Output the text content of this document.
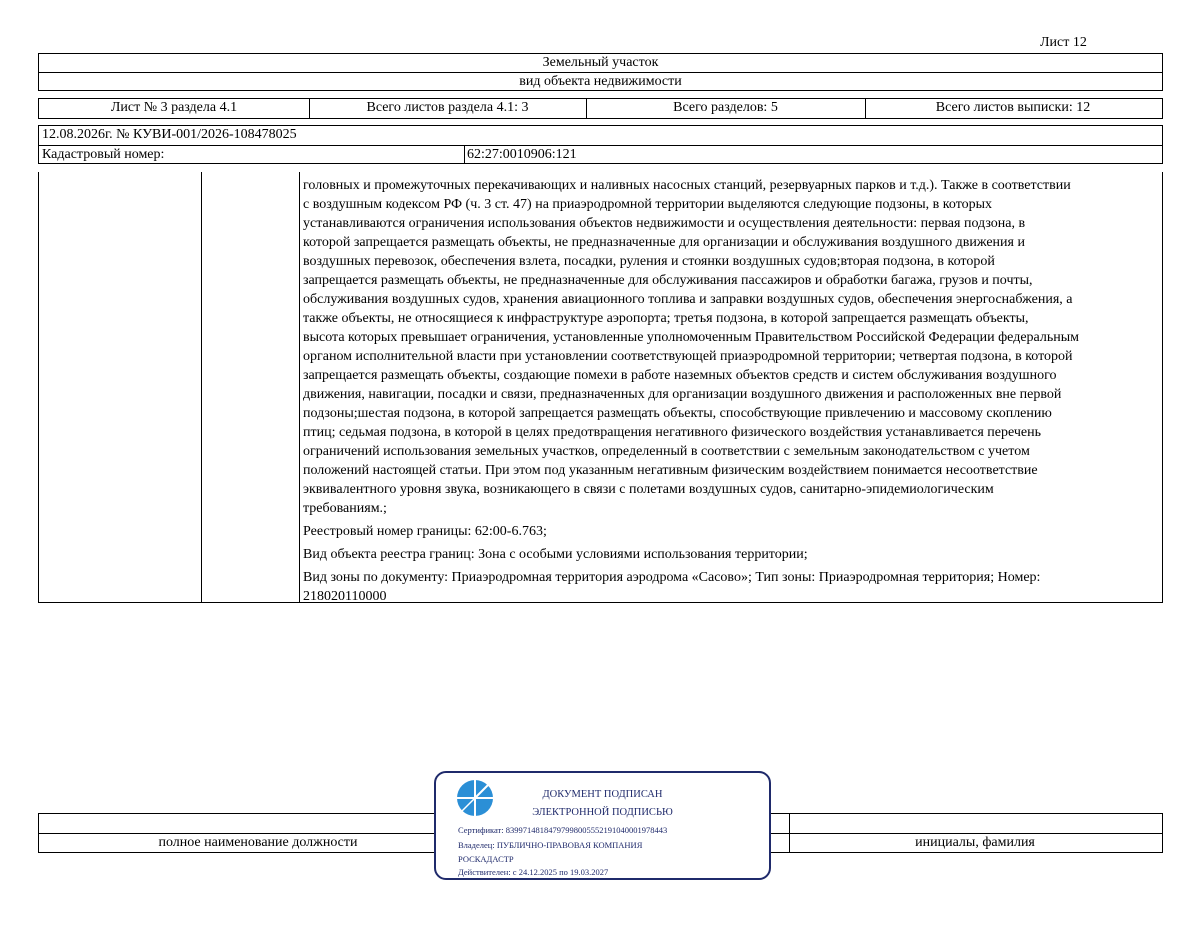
Лист 12
Земельный участок
вид объекта недвижимости
Лист № 3 раздела 4.1	Всего листов раздела 4.1: 3	Всего разделов: 5	Всего листов выписки: 12
12.08.2026г. № КУВИ-001/2026-108478025
Кадастровый номер:	62:27:0010906:121
головных и промежуточных перекачивающих и наливных насосных станций, резервуарных парков и т.д.). Также в соответствии
с воздушным кодексом РФ (ч. 3 ст. 47) на приаэродромной территории выделяются следующие подзоны, в которых
устанавливаются ограничения использования объектов недвижимости и осуществления деятельности: первая подзона, в
которой запрещается размещать объекты, не предназначенные для организации и обслуживания воздушного движения и
воздушных перевозок, обеспечения взлета, посадки, руления и стоянки воздушных судов;вторая подзона, в которой
запрещается размещать объекты, не предназначенные для обслуживания пассажиров и обработки багажа, грузов и почты,
обслуживания воздушных судов, хранения авиационного топлива и заправки воздушных судов, обеспечения энергоснабжения, а
также объекты, не относящиеся к инфраструктуре аэропорта; третья подзона, в которой запрещается размещать объекты,
высота которых превышает ограничения, установленные уполномоченным Правительством Российской Федерации федеральным
органом исполнительной власти при установлении соответствующей приаэродромной территории; четвертая подзона, в которой
запрещается размещать объекты, создающие помехи в работе наземных объектов средств и систем обслуживания воздушного
движения, навигации, посадки и связи, предназначенных для организации воздушного движения и расположенных вне первой
подзоны;шестая подзона, в которой запрещается размещать объекты, способствующие привлечению и массовому скоплению
птиц; седьмая подзона, в которой в целях предотвращения негативного физического воздействия устанавливается перечень
ограничений использования земельных участков, определенный в соответствии с земельным законодательством с учетом
положений настоящей статьи. При этом под указанным негативным физическим воздействием понимается несоответствие
эквивалентного уровня звука, возникающего в связи с полетами воздушных судов, санитарно-эпидемиологическим
требованиям.;
Реестровый номер границы: 62:00-6.763;
Вид объекта реестра границ: Зона с особыми условиями использования территории;
Вид зоны по документу: Приаэродромная территория аэродрома «Сасово»; Тип зоны: Приаэродромная территория; Номер:
218020110000
полное наименование должности	инициалы, фамилия
ДОКУМЕНТ ПОДПИСАН
ЭЛЕКТРОННОЙ ПОДПИСЬЮ
Сертификат: 83997148184797998005552191040001978443
Владелец: ПУБЛИЧНО-ПРАВОВАЯ КОМПАНИЯ
РОСКАДАСТР
Действителен: с 24.12.2025 по 19.03.2027
